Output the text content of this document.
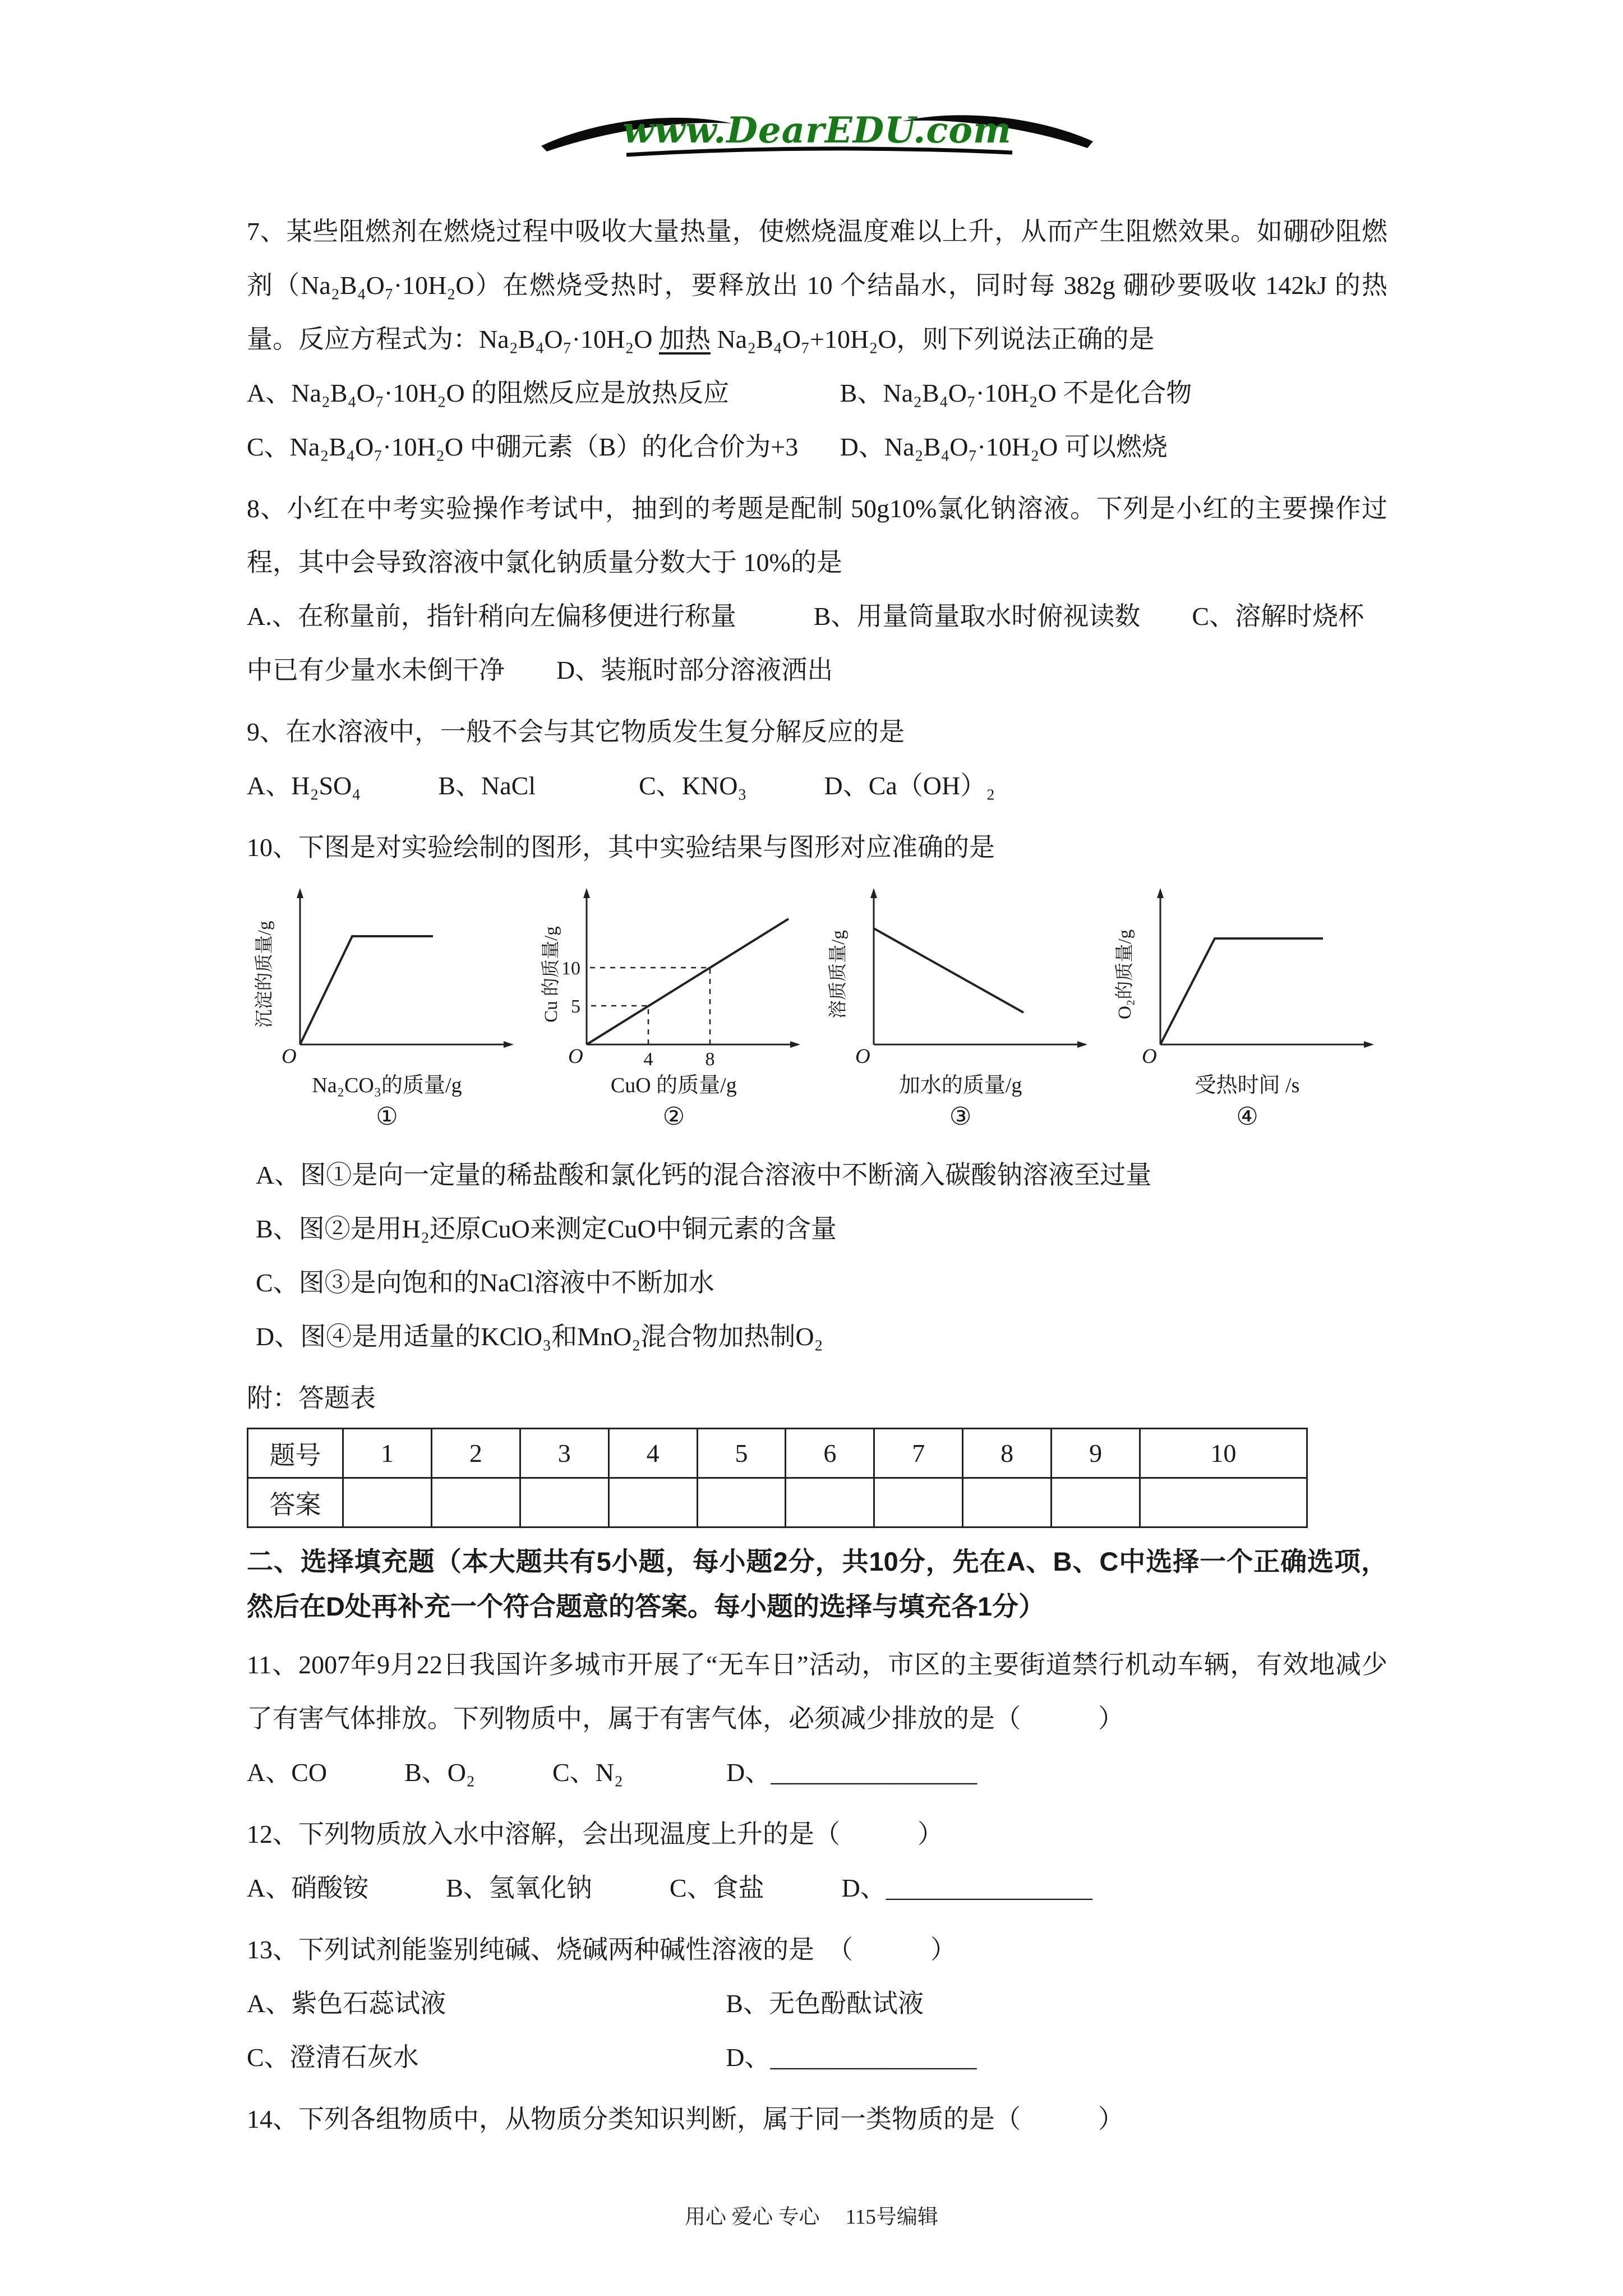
www.DearEDU.com

7、某些阻燃剂在燃烧过程中吸收大量热量，使燃烧温度难以上升，从而产生阻燃效果。如硼砂阻燃剂（Na₂B₄O₇·10H₂O）在燃烧受热时，要释放出 10 个结晶水，同时每 382g 硼砂要吸收 142kJ 的热量。反应方程式为：Na₂B₄O₇·10H₂O 加热 Na₂B₄O₇+10H₂O，则下列说法正确的是

A、Na₂B₄O₇·10H₂O 的阻燃反应是放热反应	B、Na₂B₄O₇·10H₂O 不是化合物
C、Na₂B₄O₇·10H₂O 中硼元素（B）的化合价为+3	D、Na₂B₄O₇·10H₂O 可以燃烧

8、小红在中考实验操作考试中，抽到的考题是配制 50g10%氯化钠溶液。下列是小红的主要操作过程，其中会导致溶液中氯化钠质量分数大于 10%的是

A.、在称量前，指针稍向左偏移便进行称量　　　B、用量筒量取水时俯视读数　　C、溶解时烧杯中已有少量水未倒干净　　D、装瓶时部分溶液洒出

9、在水溶液中，一般不会与其它物质发生复分解反应的是

A、H₂SO₄　　　B、NaCl　　　　C、KNO₃　　　D、Ca（OH）₂

10、下图是对实验绘制的图形，其中实验结果与图形对应准确的是

O
沉淀的质量/g
Na₂CO₃的质量/g
①
O
Cu 的质量/g 5
10
4	8
CuO 的质量/g
②
O
溶质质量/g
加水的质量/g
③
O
O₂的质量/g
受热时间 /s
④

A、图①是向一定量的稀盐酸和氯化钙的混合溶液中不断滴入碳酸钠溶液至过量

B、图②是用H₂还原CuO来测定CuO中铜元素的含量

C、图③是向饱和的NaCl溶液中不断加水

D、图④是用适量的KClO₃和MnO₂混合物加热制O₂

附：答题表

题号	1	2	3	4	5	6	7	8	9	10
答案										
二、选择填充题（本大题共有5小题，每小题2分，共10分，先在A、B、C中选择一个正确选项，然后在D处再补充一个符合题意的答案。每小题的选择与填充各1分）

11、2007年9月22日我国许多城市开展了“无车日”活动，市区的主要街道禁行机动车辆，有效地减少了有害气体排放。下列物质中，属于有害气体，必须减少排放的是（　　　）

A、CO　　　B、O₂　　　C、N₂　　　　D、________________

12、下列物质放入水中溶解，会出现温度上升的是（　　　）

A、硝酸铵　　　B、氢氧化钠　　　C、食盐　　　D、________________

13、下列试剂能鉴别纯碱、烧碱两种碱性溶液的是　（　　　）

A、紫色石蕊试液	B、无色酚酞试液
C、澄清石灰水	D、________________

14、下列各组物质中，从物质分类知识判断，属于同一类物质的是（　　　）

用心 爱心 专心　 115号编辑
